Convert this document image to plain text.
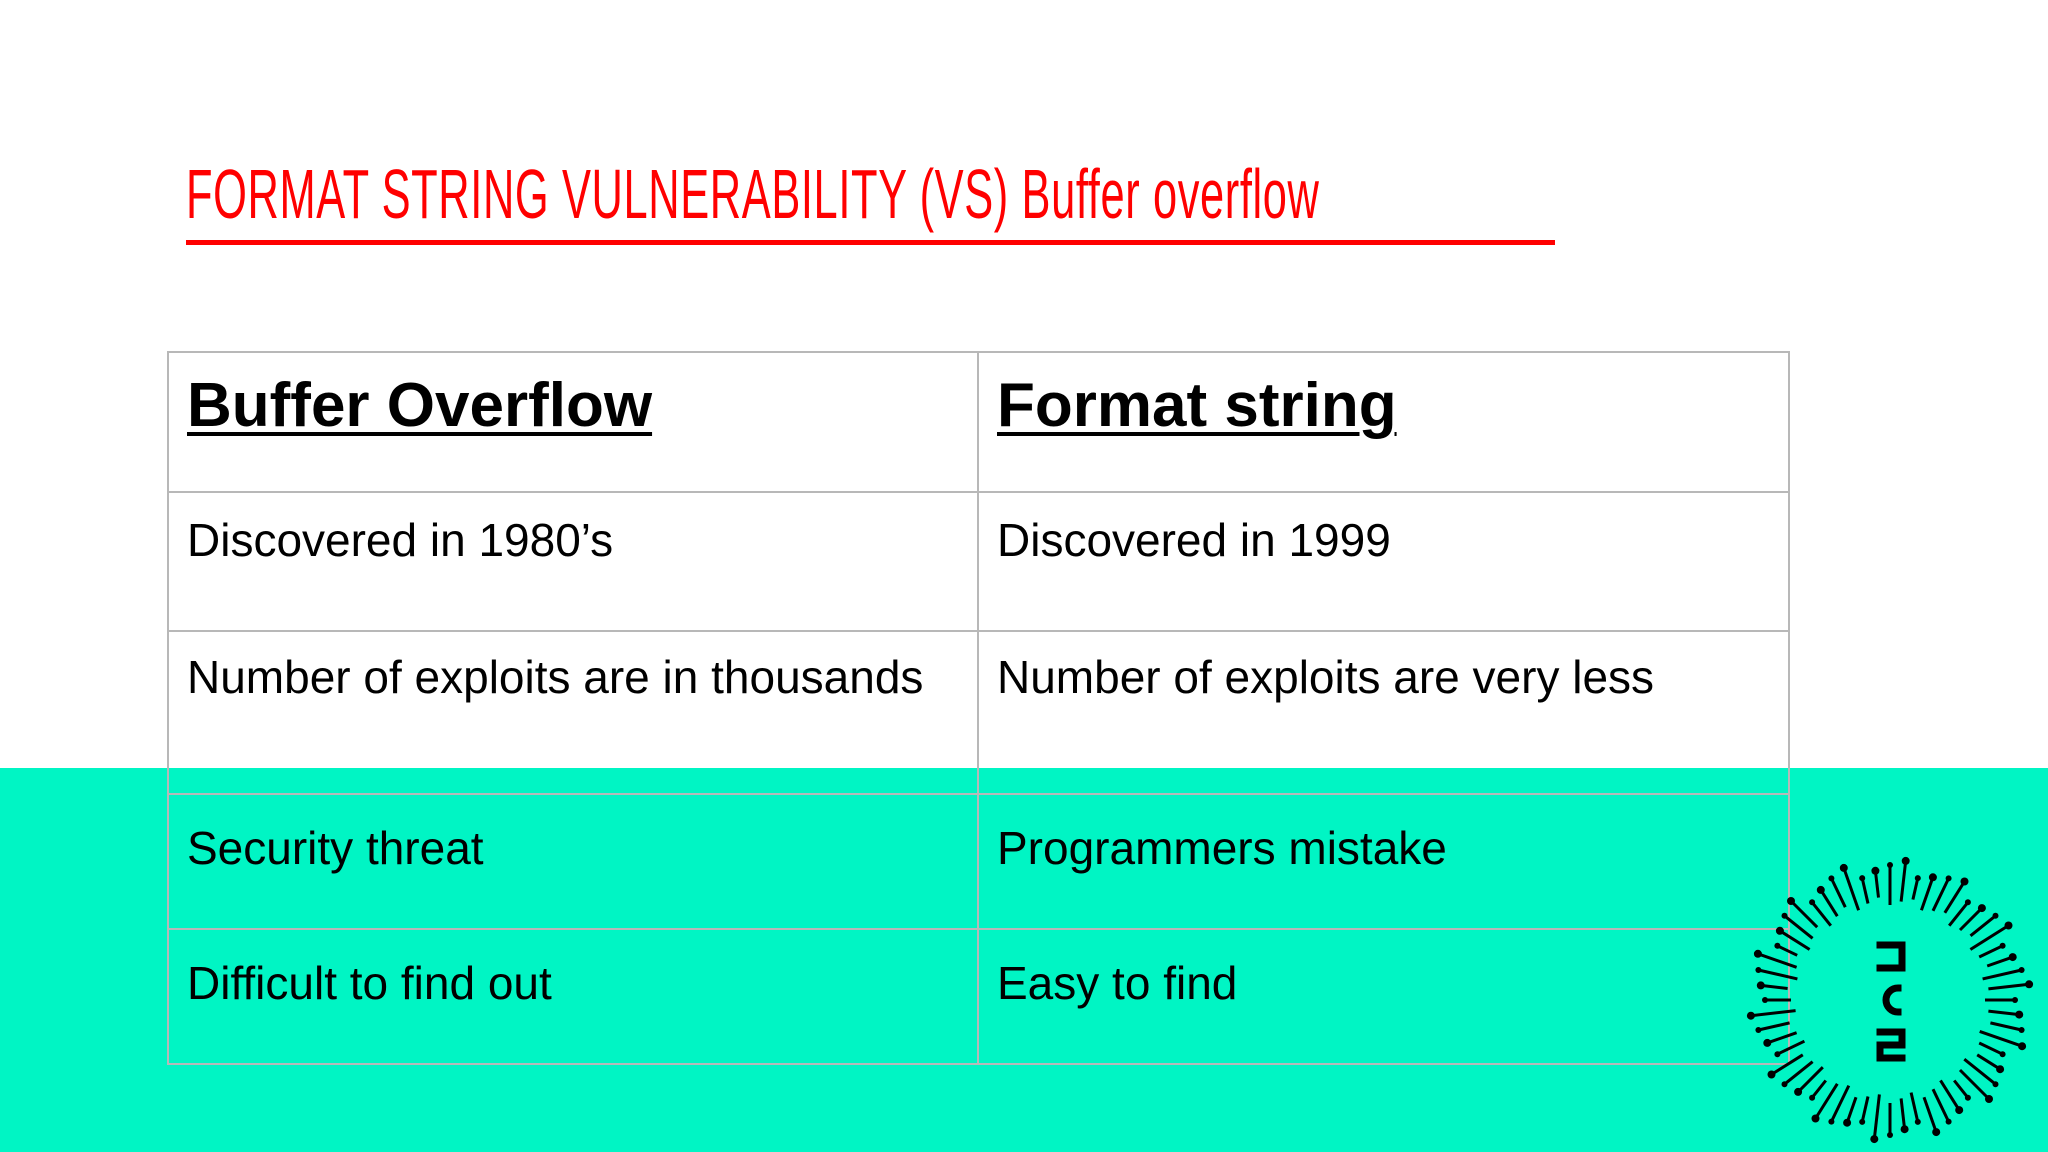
FORMAT STRING VULNERABILITY (VS) Buffer overflow
Buffer Overflow	Format string
Discovered in 1980’s	Discovered in 1999
Number of exploits are in thousands	Number of exploits are very less
Security threat	Programmers mistake
Difficult to find out	Easy to find
